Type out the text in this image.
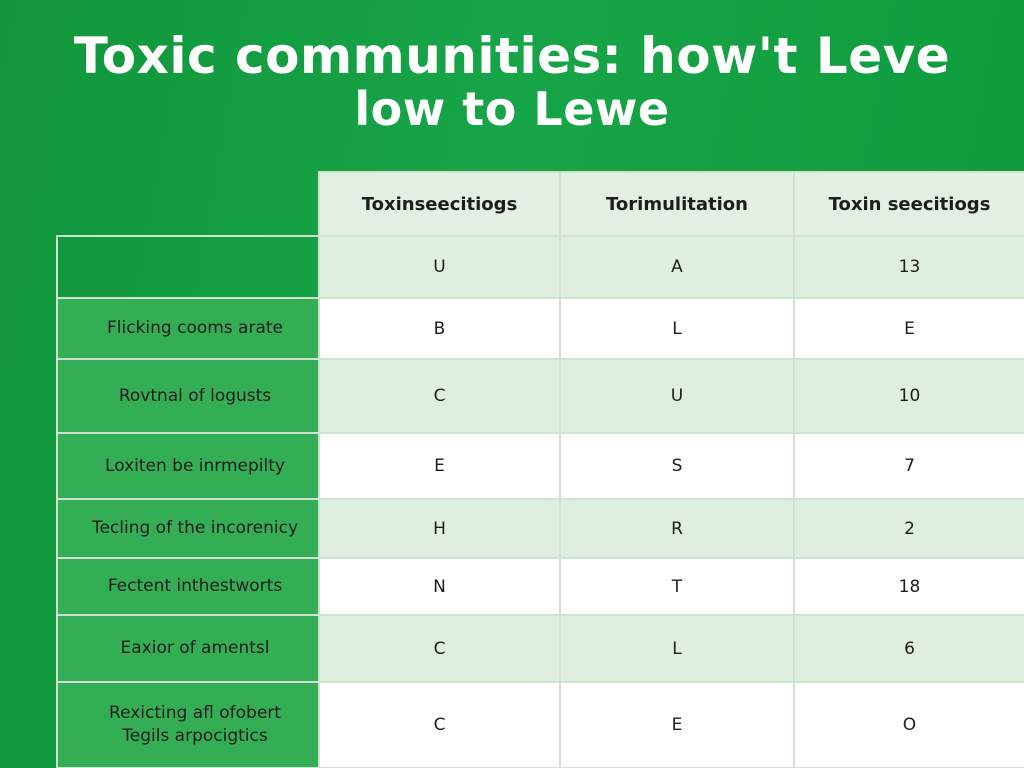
Toxic communities: how't Leve
low to Lewe
	Toxinseecitiogs	Torimulitation	Toxin seecitiogs
	U	A	13
Flicking cooms arate	B	L	E
Rovtnal of logusts	C	U	10
Loxiten be inrmepilty	E	S	7
Tecling of the incorenicy	H	R	2
Fectent inthestworts	N	T	18
Eaxior of amentsl	C	L	6
Rexicting afl ofobert
Tegils arpocigtics	C	E	O
